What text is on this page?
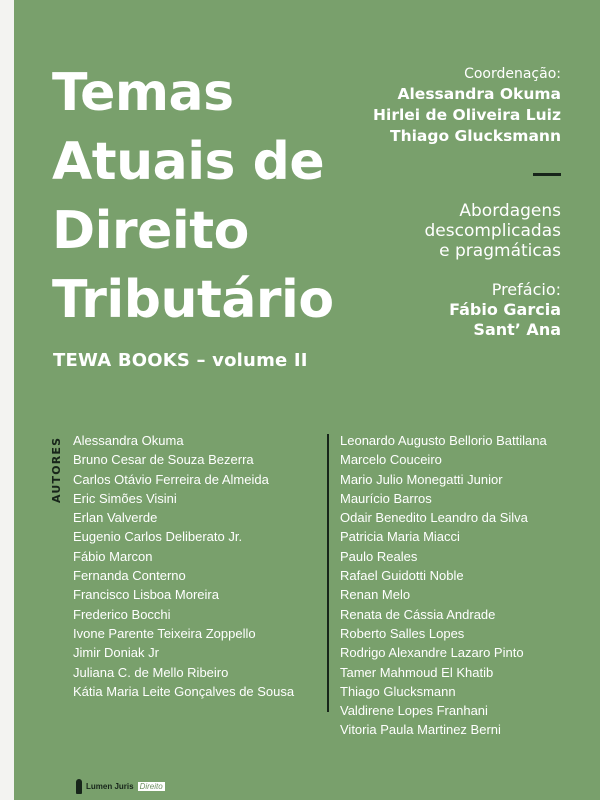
Temas
Atuais de
Direito
Tributário
TEWA BOOKS – volume II
Coordenação:
Alessandra Okuma
Hirlei de Oliveira Luiz
Thiago Glucksmann
Abordagens
descomplicadas
e pragmáticas
Prefácio:
Fábio Garcia
Sant’ Ana
AUTORES Alessandra Okuma
Bruno Cesar de Souza Bezerra
Carlos Otávio Ferreira de Almeida
Eric Simões Visini
Erlan Valverde
Eugenio Carlos Deliberato Jr.
Fábio Marcon
Fernanda Conterno
Francisco Lisboa Moreira
Frederico Bocchi
Ivone Parente Teixeira Zoppello
Jimir Doniak Jr
Juliana C. de Mello Ribeiro
Kátia Maria Leite Gonçalves de Sousa
Leonardo Augusto Bellorio Battilana
Marcelo Couceiro
Mario Julio Monegatti Junior
Maurício Barros
Odair Benedito Leandro da Silva
Patricia Maria Miacci
Paulo Reales
Rafael Guidotti Noble
Renan Melo
Renata de Cássia Andrade
Roberto Salles Lopes
Rodrigo Alexandre Lazaro Pinto
Tamer Mahmoud El Khatib
Thiago Glucksmann
Valdirene Lopes Franhani
Vitoria Paula Martinez Berni
Lumen Juris Direito
